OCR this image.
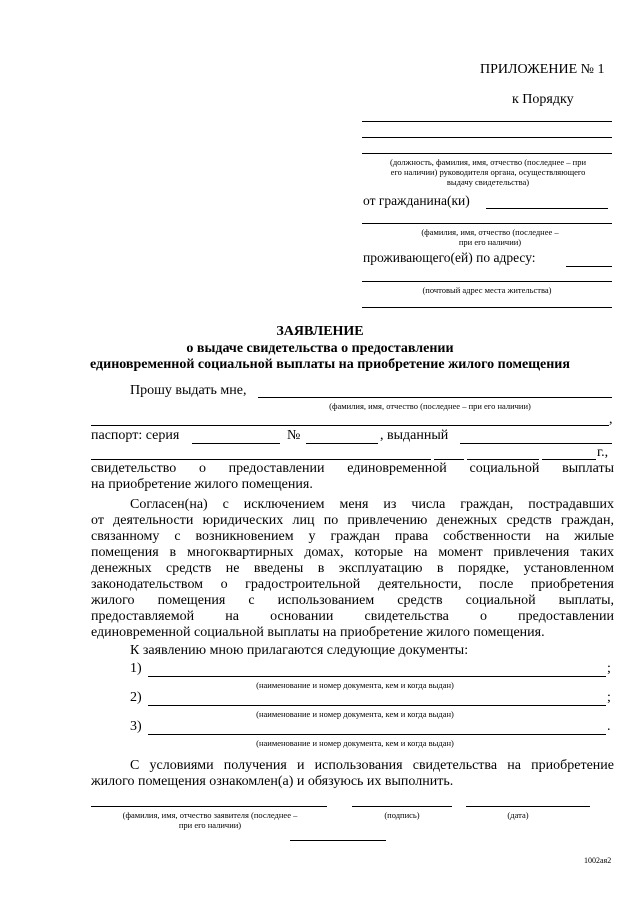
ПРИЛОЖЕНИЕ № 1
к Порядку
(должность, фамилия, имя, отчество (последнее – при
его наличии) руководителя органа, осуществляющего
выдачу свидетельства)
от гражданина(ки)
(фамилия, имя, отчество (последнее –
при его наличии)
проживающего(ей) по адресу:
(почтовый адрес места жительства)
ЗАЯВЛЕНИЕ
о выдаче свидетельства о предоставлении
единовременной социальной выплаты на приобретение жилого помещения
Прошу выдать мне,
(фамилия, имя, отчество (последнее – при его наличии)
,
паспорт: серия	№	, выданный
г.,
свидетельство о предоставлении единовременной социальной выплаты
на приобретение жилого помещения.
Согласен(на) с исключением меня из числа граждан, пострадавших
от деятельности юридических лиц по привлечению денежных средств граждан,
связанному с возникновением у граждан права собственности на жилые
помещения в многоквартирных домах, которые на момент привлечения таких
денежных средств не введены в эксплуатацию в порядке, установленном
законодательством о градостроительной деятельности, после приобретения
жилого помещения с использованием средств социальной выплаты,
предоставляемой на основании свидетельства о предоставлении
единовременной социальной выплаты на приобретение жилого помещения.
К заявлению мною прилагаются следующие документы:
1)	;
(наименование и номер документа, кем и когда выдан)
2)	;
(наименование и номер документа, кем и когда выдан)
3)	.
(наименование и номер документа, кем и когда выдан)
С условиями получения и использования свидетельства на приобретение
жилого помещения ознакомлен(а) и обязуюсь их выполнить.
(фамилия, имя, отчество заявителя (последнее –
при его наличии)
(подпись)	(дата)
1002ая2
